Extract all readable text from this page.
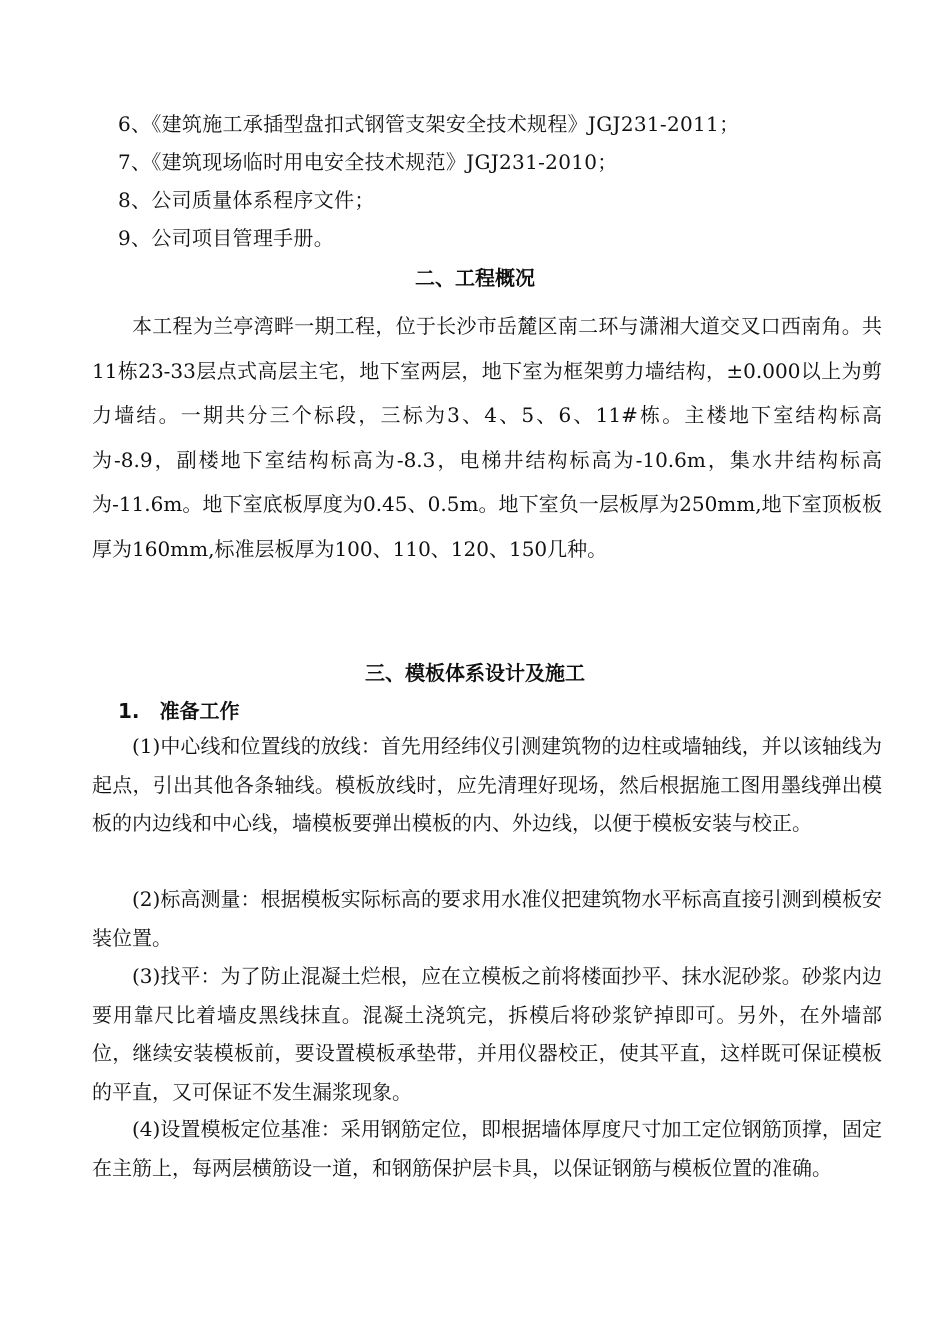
6、《建筑施工承插型盘扣式钢管支架安全技术规程》JGJ231-2011；
7、《建筑现场临时用电安全技术规范》JGJ231-2010；
8、公司质量体系程序文件；
9、公司项目管理手册。
二、工程概况

本工程为兰亭湾畔一期工程，位于长沙市岳麓区南二环与潇湘大道交叉口西南角。共11栋23-33层点式高层主宅，地下室两层，地下室为框架剪力墙结构，±0.000以上为剪力墙结。一期共分三个标段，三标为3、4、5、6、11#栋。主楼地下室结构标高为-8.9，副楼地下室结构标高为-8.3，电梯井结构标高为-10.6m，集水井结构标高为-11.6m。地下室底板厚度为0.45、0.5m。地下室负一层板厚为250mm,地下室顶板板厚为160mm,标准层板厚为100、110、120、150几种。

三、模板体系设计及施工
1. 准备工作

(1)中心线和位置线的放线：首先用经纬仪引测建筑物的边柱或墙轴线，并以该轴线为起点，引出其他各条轴线。模板放线时，应先清理好现场，然后根据施工图用墨线弹出模板的内边线和中心线，墙模板要弹出模板的内、外边线，以便于模板安装与校正。

(2)标高测量：根据模板实际标高的要求用水准仪把建筑物水平标高直接引测到模板安装位置。

(3)找平：为了防止混凝土烂根，应在立模板之前将楼面抄平、抹水泥砂浆。砂浆内边要用靠尺比着墙皮黑线抹直。混凝土浇筑完，拆模后将砂浆铲掉即可。另外，在外墙部位，继续安装模板前，要设置模板承垫带，并用仪器校正，使其平直，这样既可保证模板的平直，又可保证不发生漏浆现象。

(4)设置模板定位基准：采用钢筋定位，即根据墙体厚度尺寸加工定位钢筋顶撑，固定在主筋上，每两层横筋设一道，和钢筋保护层卡具，以保证钢筋与模板位置的准确。
